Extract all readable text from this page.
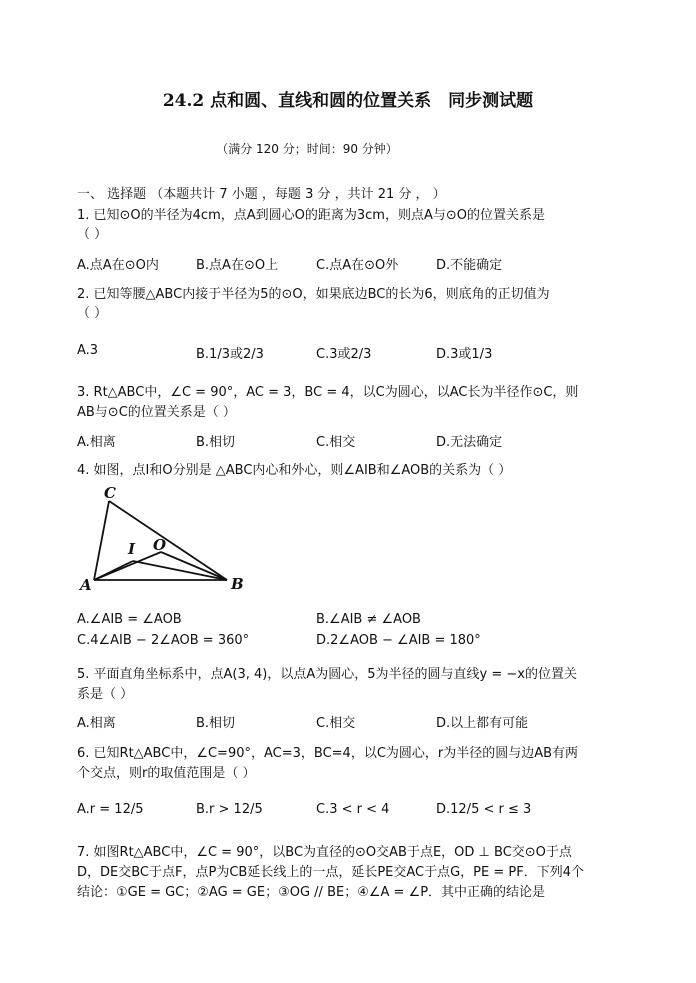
24.2 点和圆、直线和圆的位置关系　同步测试题
（满分 120 分；时间：90 分钟）
一、 选择题 （本题共计 7 小题 ，每题 3 分 ，共计 21 分 ， ）
1. 已知⊙O的半径为4cm，点A到圆心O的距离为3cm，则点A与⊙O的位置关系是
（ ）
A.点A在⊙O内	B.点A在⊙O上	C.点A在⊙O外	D.不能确定
2. 已知等腰△ABC内接于半径为5的⊙O，如果底边BC的长为6，则底角的正切值为
（ ）
A.3	B.1/3或2/3	C.3或2/3	D.3或1/3
3. Rt△ABC中，∠C = 90°，AC = 3，BC = 4，以C为圆心，以AC长为半径作⊙C，则
AB与⊙C的位置关系是（ ）
A.相离	B.相切	C.相交	D.无法确定
4. 如图，点I和O分别是 △ABC内心和外心，则∠AIB和∠AOB的关系为（ ）
C
I O
A	B
A.∠AIB = ∠AOB	B.∠AIB ≠ ∠AOB
C.4∠AIB − 2∠AOB = 360°	D.2∠AOB − ∠AIB = 180°
5. 平面直角坐标系中，点A(3, 4)，以点A为圆心，5为半径的圆与直线y = −x的位置关
系是（ ）
A.相离	B.相切	C.相交	D.以上都有可能
6. 已知Rt△ABC中，∠C=90°，AC=3，BC=4，以C为圆心，r为半径的圆与边AB有两
个交点，则r的取值范围是（ ）
A.r = 12/5	B.r > 12/5	C.3 < r < 4	D.12/5 < r ≤ 3
7. 如图Rt△ABC中，∠C = 90°，以BC为直径的⊙O交AB于点E，OD ⊥ BC交⊙O于点
D，DE交BC于点F，点P为CB延长线上的一点，延长PE交AC于点G，PE = PF．下列4个
结论：①GE = GC；②AG = GE；③OG // BE；④∠A = ∠P．其中正确的结论是
